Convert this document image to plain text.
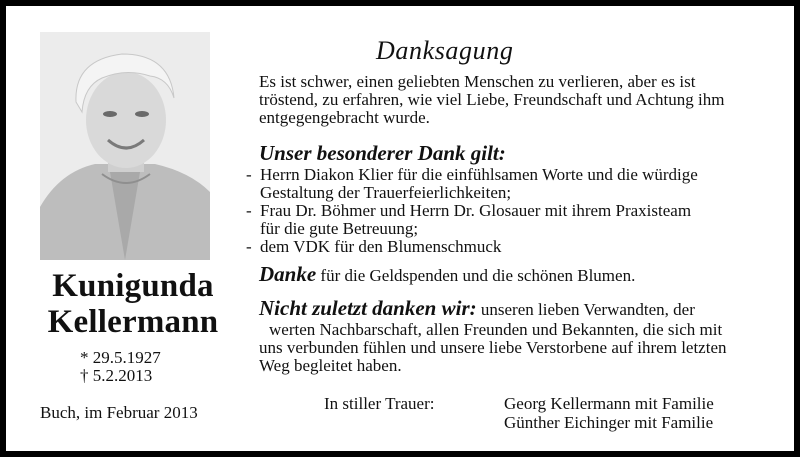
Kunigunda
Kellermann
* 29.5.1927
† 5.2.2013
Buch, im Februar 2013
Danksagung
Es ist schwer, einen geliebten Menschen zu verlieren, aber es ist
tröstend, zu erfahren, wie viel Liebe, Freundschaft und Achtung ihm
entgegengebracht wurde.
Unser besonderer Dank gilt:
- Herrn Diakon Klier für die einfühlsamen Worte und die würdige
Gestaltung der Trauerfeierlichkeiten;
- Frau Dr. Böhmer und Herrn Dr. Glosauer mit ihrem Praxisteam
für die gute Betreuung;
- dem VDK für den Blumenschmuck
Danke für die Geldspenden und die schönen Blumen.
Nicht zuletzt danken wir: unseren lieben Verwandten, der
werten Nachbarschaft, allen Freunden und Bekannten, die sich mit
uns verbunden fühlen und unsere liebe Verstorbene auf ihrem letzten
Weg begleitet haben.
In stiller Trauer:	Georg Kellermann mit Familie
Günther Eichinger mit Familie
